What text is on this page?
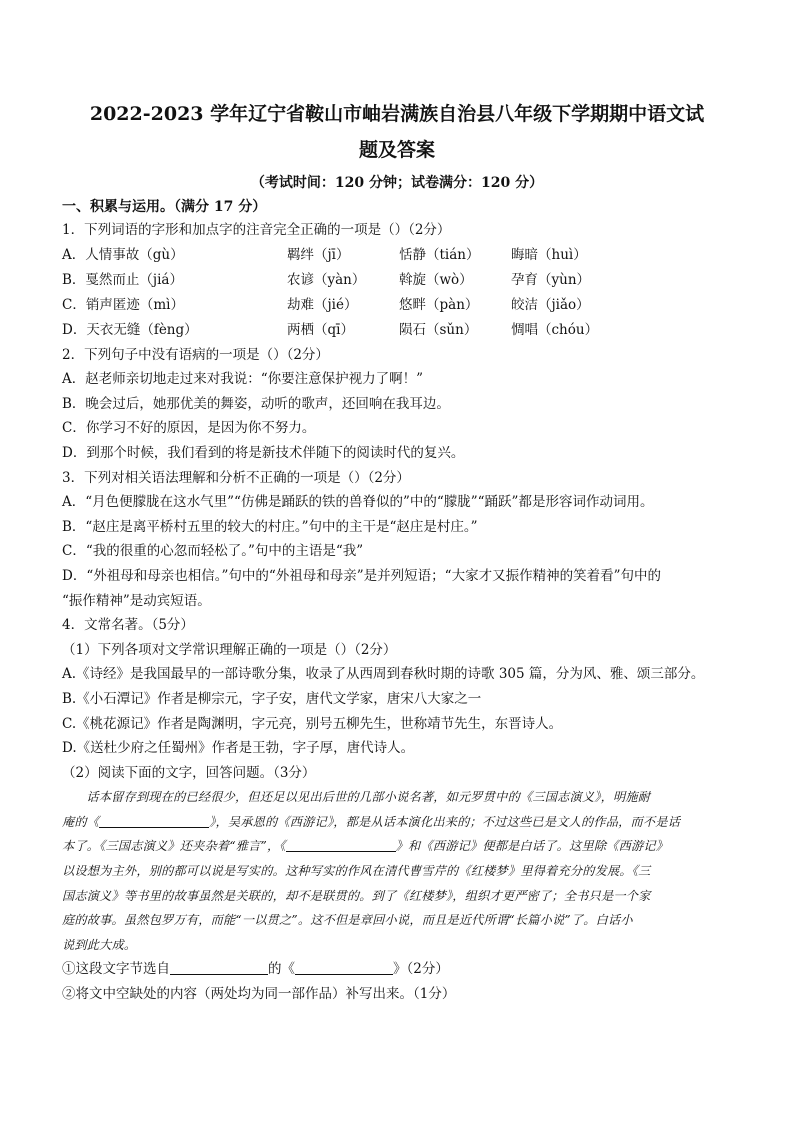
2022-2023 学年辽宁省鞍山市岫岩满族自治县八年级下学期期中语文试
题及答案
（考试时间：120 分钟；试卷满分：120 分）
一、积累与运用。（满分 17 分）
1．下列词语的字形和加点字的注音完全正确的一项是（）（2分）
A．人情事故（gù）	羁绊（jī）	恬静（tián）	晦暗（huì）
B．戛然而止（jiá）	农谚（yàn）	斡旋（wò）	孕育（yùn）
C．销声匿迹（mì）	劫难（jié）	悠畔（pàn）	皎洁（jiǎo）
D．天衣无缝（fèng）	两栖（qī）	陨石（sǔn）	惆唱（chóu）
2．下列句子中没有语病的一项是（）（2分）
A．赵老师亲切地走过来对我说：“你要注意保护视力了啊！”
B．晚会过后，她那优美的舞姿，动听的歌声，还回响在我耳边。
C．你学习不好的原因，是因为你不努力。
D．到那个时候，我们看到的将是新技术伴随下的阅读时代的复兴。
3．下列对相关语法理解和分析不正确的一项是（）（2分）
A．“月色便朦胧在这水气里”“仿佛是踊跃的铁的兽脊似的”中的“朦胧”“踊跃”都是形容词作动词用。
B．“赵庄是离平桥村五里的较大的村庄。”句中的主干是“赵庄是村庄。”
C．“我的很重的心忽而轻松了。”句中的主语是“我”
D．“外祖母和母亲也相信。”句中的“外祖母和母亲”是并列短语；“大家才又振作精神的笑着看”句中的
“振作精神”是动宾短语。
4．文常名著。（5分）
（1）下列各项对文学常识理解正确的一项是（）（2分）
A.《诗经》是我国最早的一部诗歌分集，收录了从西周到春秋时期的诗歌 305 篇，分为风、雅、颂三部分。
B.《小石潭记》作者是柳宗元，字子安，唐代文学家，唐宋八大家之一
C.《桃花源记》作者是陶渊明，字元亮，别号五柳先生，世称靖节先生，东晋诗人。
D.《送杜少府之任蜀州》作者是王勃，字子厚，唐代诗人。
（2）阅读下面的文字，回答问题。（3分）
话本留存到现在的已经很少，但还足以见出后世的几部小说名著，如元罗贯中的《三国志演义》，明施耐
庵的《	》，吴承恩的《西游记》，都是从话本演化出来的；不过这些已是文人的作品，而不是话
本了。《三国志演义》还夹杂着“雅言”，《	》和《西游记》便都是白话了。这里除《西游记》
以设想为主外，别的都可以说是写实的。这种写实的作风在清代曹雪芹的《红楼梦》里得着充分的发展。《三
国志演义》等书里的故事虽然是关联的，却不是联贯的。到了《红楼梦》，组织才更严密了；全书只是一个家
庭的故事。虽然包罗万有，而能“一以贯之”。这不但是章回小说，而且是近代所谓“长篇小说”了。白话小
说到此大成。
①这段文字节选自	的《	》（2分）
②将文中空缺处的内容（两处均为同一部作品）补写出来。（1分）
